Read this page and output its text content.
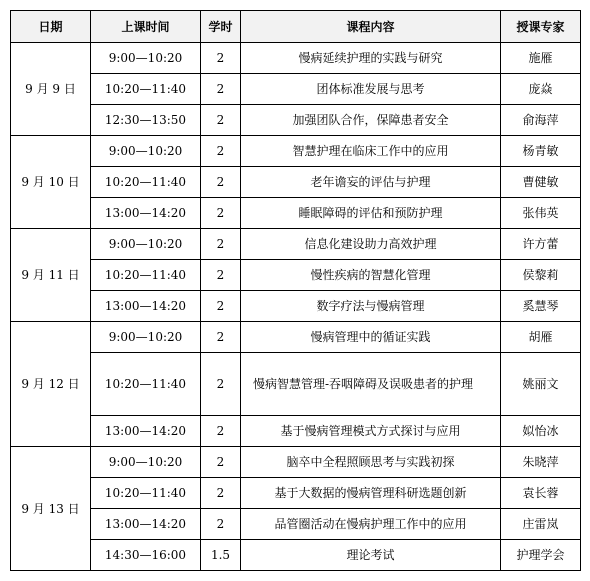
日期	上课时间	学时	课程内容	授课专家
9 月 9 日	9:00—10:20	2	慢病延续护理的实践与研究	施雁
	10:20—11:40	2	团体标准发展与思考	庞焱
	12:30—13:50	2	加强团队合作，保障患者安全	俞海萍
9 月 10 日	9:00—10:20	2	智慧护理在临床工作中的应用	杨青敏
	10:20—11:40	2	老年谵妄的评估与护理	曹健敏
	13:00—14:20	2	睡眠障碍的评估和预防护理	张伟英
9 月 11 日	9:00—10:20	2	信息化建设助力高效护理	许方蕾
	10:20—11:40	2	慢性疾病的智慧化管理	侯黎莉
	13:00—14:20	2	数字疗法与慢病管理	奚慧琴
9 月 12 日	9:00—10:20	2	慢病管理中的循证实践	胡雁
	10:20—11:40	2	慢病智慧管理-吞咽障碍及误吸患者的护理	姚丽文
	13:00—14:20	2	基于慢病管理模式方式探讨与应用	姒怡冰
9 月 13 日	9:00—10:20	2	脑卒中全程照顾思考与实践初探	朱晓萍
	10:20—11:40	2	基于大数据的慢病管理科研选题创新	袁长蓉
	13:00—14:20	2	品管圈活动在慢病护理工作中的应用	庄雷岚
	14:30—16:00	1.5	理论考试	护理学会
